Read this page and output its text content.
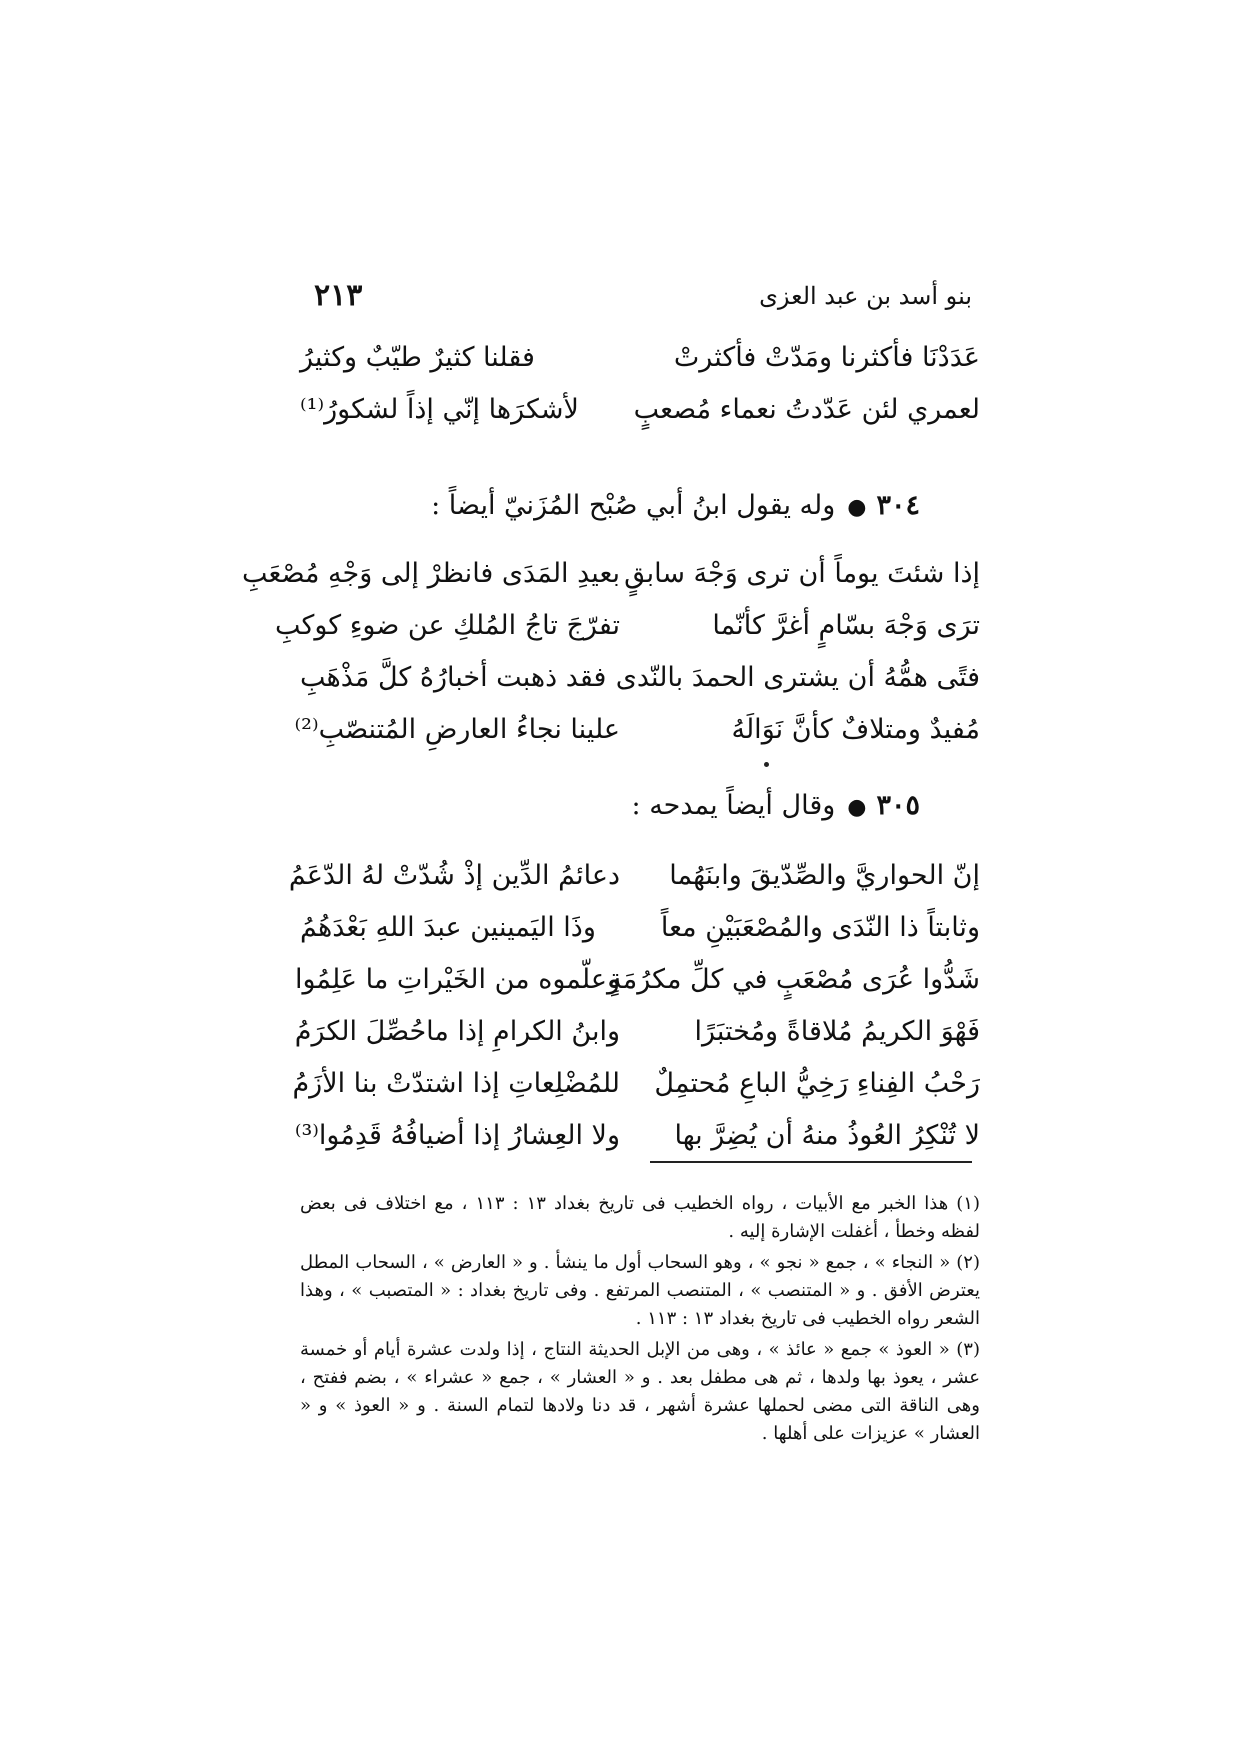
بنو أسد بن عبد العزى
٢١٣
عَدَدْنَا فأكثرنا ومَدّتْ فأكثرتْ
فقلنا كثيرٌ طيّبٌ وكثيرُ
لعمري لئن عَدّدتُ نعماء مُصعبٍ
لأشكرَها إنّي إذاً لشكورُ⁽¹⁾
٣٠٤●وله يقول ابنُ أبي صُبْح المُزَنيّ أيضاً :
إذا شئتَ يوماً أن ترى وَجْهَ سابقٍ
بعيدِ المَدَى فانظرْ إلى وَجْهِ مُصْعَبِ
ترَى وَجْهَ بسّامٍ أغرَّ كأنّما
تفرّجَ تاجُ المُلكِ عن ضوءِ كوكبِ
فتًى همُّهُ أن يشترى الحمدَ بالنّدى
فقد ذهبت أخبارُهُ كلَّ مَذْهَبِ
مُفيدٌ ومتلافٌ كأنَّ نَوَالَهُ
علينا نجاءُ العارضِ المُتنصّبِ⁽²⁾
٣٠٥●وقال أيضاً يمدحه :
إنّ الحواريَّ والصِّدّيقَ وابنَهُما
دعائمُ الدِّين إذْ شُدّتْ لهُ الدّعَمُ
وثابتاً ذا النّدَى والمُصْعَبَيْنِ معاً
وذَا اليَمينين عبدَ اللهِ بَعْدَهُمُ
شَدُّوا عُرَى مُصْعَبٍ في كلِّ مكرُمَةٍ
وعلّموه من الخَيْراتِ ما عَلِمُوا
فَهْوَ الكريمُ مُلاقاةً ومُختبَرًا
وابنُ الكرامِ إذا ماحُصِّلَ الكرَمُ
رَحْبُ الفِناءِ رَخِيُّ الباعِ مُحتمِلٌ
للمُضْلِعاتِ إذا اشتدّتْ بنا الأزَمُ
لا تُنْكِرُ العُوذُ منهُ أن يُضِرَّ بها
ولا العِشارُ إذا أضيافُهُ قَدِمُوا⁽³⁾

(١) هذا الخبر مع الأبيات ، رواه الخطيب فى تاريخ بغداد ١٣ : ١١٣ ، مع اختلاف فى بعض لفظه وخطأ ، أغفلت الإشارة إليه .

(٢) « النجاء » ، جمع « نجو » ، وهو السحاب أول ما ينشأ . و « العارض » ، السحاب المطل يعترض الأفق . و « المتنصب » ، المتنصب المرتفع . وفى تاريخ بغداد : « المتصبب » ، وهذا الشعر رواه الخطيب فى تاريخ بغداد ١٣ : ١١٣ .

(٣) « العوذ » جمع « عائذ » ، وهى من الإبل الحديثة النتاج ، إذا ولدت عشرة أيام أو خمسة عشر ، يعوذ بها ولدها ، ثم هى مطفل بعد . و « العشار » ، جمع « عشراء » ، بضم ففتح ، وهى الناقة التى مضى لحملها عشرة أشهر ، قد دنا ولادها لتمام السنة . و « العوذ » و « العشار » عزيزات على أهلها .
